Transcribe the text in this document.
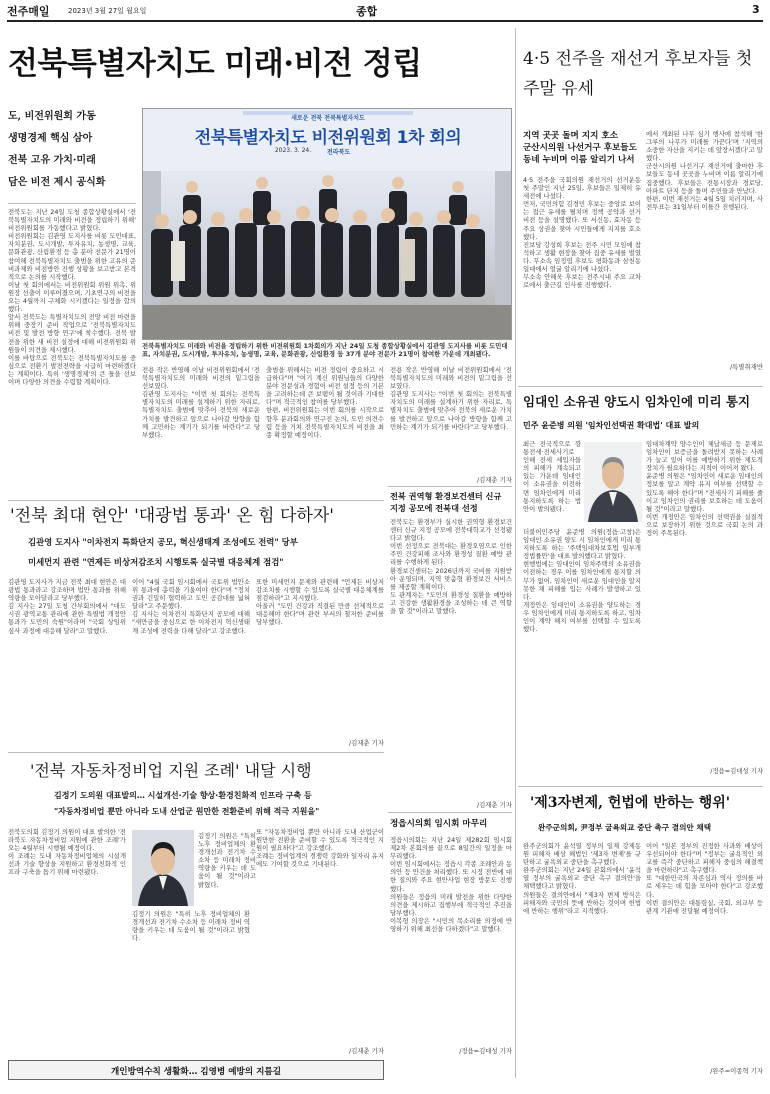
전주매일	2023년 3월 27일 월요일	종합	3
전북특별자치도 미래·비전 정립
도, 비전위원회 가동
생명경제 핵심 삼아
전북 고유 가치·미래
담은 비전 제시 공식화
전북도는 지난 24일 도청 종합상황실에서 '전북특별자치도의 미래와 비전을 정립하기 위해' 비전위원회를 가동했다고 밝혔다.
비전위원회는 김관영 도지사를 비롯 도민대표, 자치분권, 도시개발, 투자유치, 농생명, 교육, 문화관광, 산림환경 등 총 분야 전문가 21명이 참여해 전북특별자치도 출범을 위한 고유의 준비과제와 비전방안 진행 상황을 보고받고 본격적으로 논의를 시작했다.
이날 첫 회의에서는 비전위원회 위원 위촉, 위원장 선출이 이루어졌으며, 기초연구의 비전을 오는 4월까지 구체화 시키겠다는 일정을 합의했다.
앞서 전북도는 특별자치도의 전망 비전 마련을 위해 중장기 준비 작업으로 '전북특별자치도 비전 및 발전 방향 연구'에 착수했다. 전북 발전을 위한 새 비전 설정에 대해 비전위원회 위원들이 의견을 제시했다.
이를 바탕으로 전북도는 전북특별자치도를 중심으로 전환기 발전전략을 시급히 마련하겠다는 계획이다. 특히 '생명경제'의 큰 틀을 선보이며 다양한 의견을 수렴할 계획이다.
새로운 전북 전북특별자치도
전북특별자치도 비전위원회 1차 회의
2023. 3. 24.	전라북도
전북특별자치도 미래와 비전을 정립하기 위한 비전위원회 1차회의가 지난 24일 도청 종합상황실에서 김관영 도지사를 비롯 도민대표, 자치분권, 도시개발, 투자유치, 농생명, 교육, 문화관광, 산림환경 등 37개 분야 전문가 21명이 참여한 가운데 개최됐다.
전용 작은 반영해 이날 비전위원회에서 '전북특별자치도의 미래와 비전의 밑그림을 선보였다.
김관영 도지사는 "이번 첫 회의는 전북특별자치도의 미래를 설계하기 위한 자리로, 특별자치도 출범에 맞추어 전북의 새로운 가치를 발견하고 앞으로 나아갈 방향을 함께 고민하는 계기가 되기를 바란다"고 당부했다.
출범을 위해서는 비전 정립이 중요하고 시급하다"며 "여기 계신 위원님들의 다양한 분야 전문성과 경험이 비전 설정 등의 기본을 고려하는데 큰 보탬이 될 것이라 기대한다"며 적극적인 참여를 당부했다.
한편, 비전위원회는 이번 회의를 시작으로 향후 분과회의와 연구진 논의, 도민 의견수렴 등을 거쳐 전북특별자치도의 비전을 최종 확정할 예정이다.
전용 작은 반영해 이날 비전위원회에서 '전북특별자치도의 미래와 비전의 밑그림을 선보였다.
김관영 도지사는 "이번 첫 회의는 전북특별자치도의 미래를 설계하기 위한 자리로, 특별자치도 출범에 맞추어 전북의 새로운 가치를 발견하고 앞으로 나아갈 방향을 함께 고민하는 계기가 되기를 바란다"고 당부했다.
/김재춘 기자
4·5 전주을 재선거 후보자들 첫 주말 유세
지역 곳곳 돌며 지지 호소
군산시의원 나선거구 후보들도
동네 누비며 이름 알리기 나서
4·5 전주을 국회의원 재선거의 선거운동 첫 주말인 지난 25일, 후보들은 일제히 유세전에 나섰다.
먼저, 국민의힘 김경민 후보는 중앙로 보이는 접근 유세를 펼치며 정책 공약과 선거 비전 등을 설명했다. 또 서신동, 효자동 등 주요 상권을 찾아 시민들에게 지지를 호소했다.
진보당 강성희 후보는 전주 시민 모임에 참석하고 생활 현장을 찾아 집중 유세를 벌였다. 무소속 임정엽 후보도 평화동과 삼천동 일대에서 얼굴 알리기에 나섰다.
무소속 안해욱 후보는 전주시내 주요 교차로에서 출근길 인사를 진행했다.
에서 개최된 나무 심기 행사에 참석해 '한 그루의 나무가 미래를 가꾼다'며 '지역의 소중한 자산을 지키는 데 앞장서겠다'고 말했다.
군산시의원 나선거구 재선거에 출마한 후보들도 동네 곳곳을 누비며 이름 알리기에 집중했다. 후보들은 전통시장과 경로당, 아파트 단지 등을 돌며 주민들과 만났다.
한편, 이번 재선거는 4월 5일 치러지며, 사전투표는 31일부터 이틀간 진행된다.
/특별취재반
전북 권역형 환경보건센터 신규 지정 공모에 전북대 선정
전북도는 환경부가 실시한 권역형 환경보건센터 신규 지정 공모에 전북대학교가 선정됐다고 밝혔다.
이번 선정으로 전북대는 환경오염으로 인한 주민 건강피해 조사와 환경성 질환 예방 관리를 수행하게 된다.
환경보건센터는 2026년까지 국비를 지원받아 운영되며, 지역 맞춤형 환경보건 서비스를 제공할 계획이다.
도 관계자는 "도민의 환경성 질환을 예방하고 건강한 생활환경을 조성하는 데 큰 역할을 할 것"이라고 말했다.
/김재춘 기자
'전북 최대 현안' '대광법 통과' 온 힘 다하자'
김관영 도지사 "이차전지 특화단지 공모, 혁신생태계 조성에도 전력" 당부
미세먼지 관련 "연제든 비상저감조치 시행토록 실국별 대응체계 점검"
김관영 도지사가 지금 전북 최대 현안은 대광법 통과라고 강조하며 법안 통과를 위해 역량을 모아달라고 당부했다.
김 지사는 27일 도청 간부회의에서 "대도시권 광역교통 관리에 관한 특별법 개정안 통과가 도민의 숙원"이라며 "국회 상임위 심사 과정에 대응해 달라"고 말했다.
이어 "4월 국회 임시회에서 국토위 법안소위 통과에 총력을 기울여야 한다"며 "정치권과 긴밀히 협력하고 도민 공감대를 넓혀 달라"고 주문했다.
김 지사는 이차전지 특화단지 공모에 대해 "새만금을 중심으로 한 이차전지 혁신생태계 조성에 전력을 다해 달라"고 강조했다.
또한 미세먼지 문제와 관련해 "언제든 비상저감조치를 시행할 수 있도록 실국별 대응체계를 점검하라"고 지시했다.
아울러 "도민 건강과 직결된 만큼 선제적으로 대응해야 한다"며 관련 부서의 철저한 준비를 당부했다.
/김재춘 기자
'전북 자동차정비업 지원 조례' 내달 시행
김정기 도의원 대표발의… 시설개선·기술 향상·환경친화적 인프라 구축 등
"자동차정비업 뿐만 아니라 도내 산업군 원만한 전환준비 위해 적극 지원을"
전북도의회 김정기 의원이 대표 발의한 '전라북도 자동차정비업 지원에 관한 조례'가 오는 4월부터 시행될 예정이다.
이 조례는 도내 자동차정비업체의 시설개선과 기술 향상을 지원하고 환경친화적 인프라 구축을 돕기 위해 마련됐다.
김정기 의원은 "특히 노후 정비업체의 환경개선과 전기차 수소차 등 미래차 정비 역량을 키우는 데 도움이 될 것"이라고 밝혔다.
김정기 의원은 "특히 노후 정비업체의 환경개선과 전기차 수소차 등 미래차 정비 역량을 키우는 데 도움이 될 것"이라고 밝혔다.
또 "자동차정비업 뿐만 아니라 도내 산업군이 원만한 전환을 준비할 수 있도록 적극적인 지원이 필요하다"고 강조했다.
조례는 정비업계의 경쟁력 강화와 일자리 유지에도 기여할 것으로 기대된다.
/김재춘 기자
정읍시의회 임시회 마무리
정읍시의회는 지난 24일 제282회 임시회 제2차 본회의를 끝으로 8일간의 일정을 마무리했다.
이번 임시회에서는 정읍시 각종 조례안과 동의안 등 안건을 처리했다. 또 시정 전반에 대한 질의와 주요 현안사업 현장 방문도 진행했다.
의원들은 정읍의 미래 발전을 위한 다양한 의견을 제시하고 집행부에 적극적인 추진을 당부했다.
이복형 의장은 "시민의 목소리를 의정에 반영하기 위해 최선을 다하겠다"고 말했다.
/정읍=김대성 기자
임대인 소유권 양도시 임차인에 미리 통지
민주 윤준병 의원 '임차인선택권 확대법' 대표 발의
최근 전국적으로 깡통전세·전세사기로 인해 전세 세입자들의 피해가 계속되고 있는 가운데 임대인이 소유권을 이전하면 임차인에게 미리 통지하도록 하는 법안이 발의됐다.
더불어민주당 윤준병 의원(정읍·고창)은 임대인 소유권 양도 시 임차인에게 미리 통지하도록 하는 '주택임대차보호법 일부개정법률안'을 대표 발의했다고 밝혔다.
현행법에는 임대인이 임차주택의 소유권을 이전하는 경우 이를 임차인에게 통지할 의무가 없어, 임차인이 새로운 임대인을 알지 못한 채 피해를 입는 사례가 발생하고 있다.
개정안은 임대인이 소유권을 양도하는 경우 임차인에게 미리 통지하도록 하고, 임차인이 계약 해지 여부를 선택할 수 있도록 했다.
임대차계약 양수인이 체납세금 등 문제로 임차인이 보증금을 돌려받지 못하는 사례가 늘고 있어 이를 예방하기 위한 제도적 장치가 필요하다는 지적이 이어져 왔다.
윤준병 의원은 "임차인이 새로운 임대인의 정보를 알고 계약 유지 여부를 선택할 수 있도록 해야 한다"며 "전세사기 피해를 줄이고 임차인의 권리를 보호하는 데 도움이 될 것"이라고 말했다.
이번 개정안은 임차인의 선택권을 실질적으로 보장하기 위한 것으로 국회 논의 과정이 주목된다.
/정읍=김대성 기자
'제3자변제, 헌법에 반하는 행위'
완주군의회, 尹정부 굴욕외교 중단 촉구 결의안 채택
완주군의회가 윤석열 정부의 일제 강제동원 피해자 배상 해법인 '제3자 변제'를 규탄하고 굴욕외교 중단을 촉구했다.
완주군의회는 지난 24일 본회의에서 '윤석열 정부의 굴욕외교 중단 촉구 결의안'을 채택했다고 밝혔다.
의원들은 결의안에서 "제3자 변제 방식은 피해자와 국민의 뜻에 반하는 것이며 헌법에 반하는 행위"라고 지적했다.
이어 "일본 정부의 진정한 사과와 배상이 우선되어야 한다"며 "정부는 굴욕적인 외교를 즉각 중단하고 피해자 중심의 해결책을 마련하라"고 촉구했다.
또 "대한민국의 자존심과 역사 정의를 바로 세우는 데 힘을 모아야 한다"고 강조했다.
이번 결의안은 대통령실, 국회, 외교부 등 관계 기관에 전달될 예정이다.
/완주=이종혁 기자
개인방역수칙 생활화… 김영병 예방의 지름길
